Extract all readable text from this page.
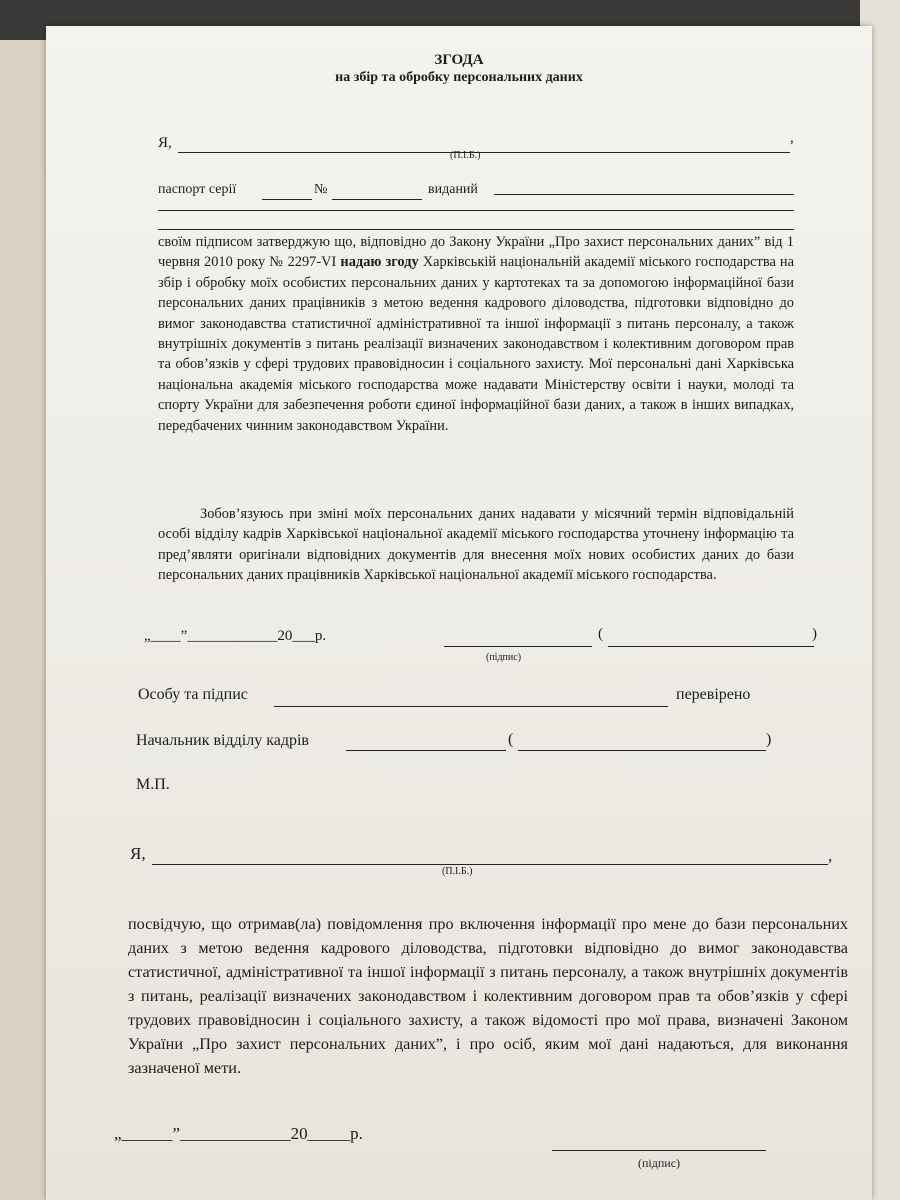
ЗГОДА
на збір та обробку персональних даних
Я,	,
(П.І.Б.)
паспорт серії	№	виданий
своїм підписом затверджую що, відповідно до Закону України „Про захист персональних даних” від 1 червня 2010 року № 2297-VI надаю згоду Харківській національній академії міського господарства на збір і обробку моїх особистих персональних даних у картотеках та за допомогою інформаційної бази персональних даних працівників з метою ведення кадрового діловодства, підготовки відповідно до вимог законодавства статистичної адміністративної та іншої інформації з питань персоналу, а також внутрішніх документів з питань реалізації визначених законодавством і колективним договором прав та обов’язків у сфері трудових правовідносин і соціального захисту. Мої персональні дані Харківська національна академія міського господарства може надавати Міністерству освіти і науки, молоді та спорту України для забезпечення роботи єдиної інформаційної бази даних, а також в інших випадках, передбачених чинним законодавством України.
Зобов’язуюсь при зміні моїх персональних даних надавати у місячний термін відповідальній особі відділу кадрів Харківської національної академії міського господарства уточнену інформацію та пред’являти оригінали відповідних документів для внесення моїх нових особистих даних до бази персональних даних працівників Харківської національної академії міського господарства.
„____”____________20___р.	(	)
(підпис)
Особу та підпис	перевірено
Начальник відділу кадрів	(	)
М.П.
Я,	,
(П.І.Б.)
посвідчую, що отримав(ла) повідомлення про включення інформації про мене до бази персональних даних з метою ведення кадрового діловодства, підготовки відповідно до вимог законодавства статистичної, адміністративної та іншої інформації з питань персоналу, а також внутрішніх документів з питань, реалізації визначених законодавством і колективним договором прав та обов’язків у сфері трудових правовідносин і соціального захисту, а також відомості про мої права, визначені Законом України „Про захист персональних даних”, і про осіб, яким мої дані надаються, для виконання зазначеної мети.
„______”_____________20_____р.
(підпис)
